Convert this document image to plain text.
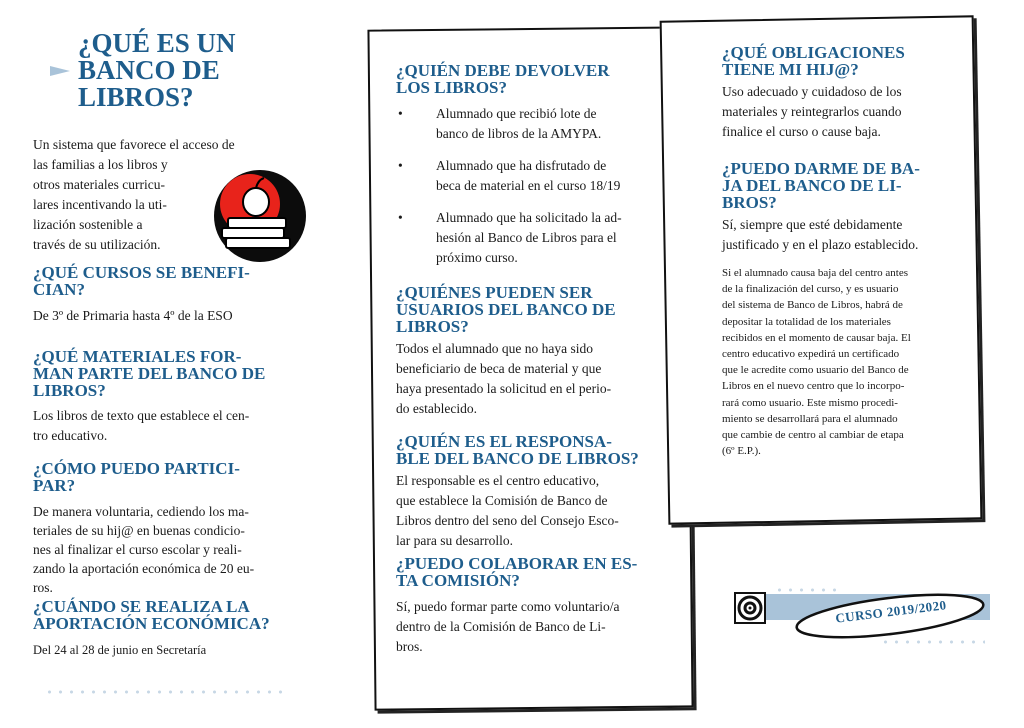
¿QUÉ ES UN
BANCO DE
LIBROS?

Un sistema que favorece el acceso de

las familias a los libros y

otros materiales curricu-

lares incentivando la uti-

lización sostenible a

través de su utilización.

¿QUÉ CURSOS SE BENEFI-
CIAN?

De 3º de Primaria hasta 4º de la ESO

¿QUÉ MATERIALES FOR-
MAN PARTE DEL BANCO DE
LIBROS?

Los libros de texto que establece el cen-

tro educativo.

¿CÓMO PUEDO PARTICI-
PAR?

De manera voluntaria, cediendo los ma-

teriales de su hij@ en buenas condicio-

nes al finalizar el curso escolar y reali-

zando la aportación económica de 20 eu-

ros.

¿CUÁNDO SE REALIZA LA
APORTACIÓN ECONÓMICA?

Del 24 al 28 de junio en Secretaría

¿QUIÉN DEBE DEVOLVER
LOS LIBROS?
• Alumnado que recibió lote de
banco de libros de la AMYPA.
• Alumnado que ha disfrutado de
beca de material en el curso 18/19
• Alumnado que ha solicitado la ad-
hesión al Banco de Libros para el
próximo curso.
¿QUIÉNES PUEDEN SER
USUARIOS DEL BANCO DE
LIBROS?

Todos el alumnado que no haya sido

beneficiario de beca de material y que

haya presentado la solicitud en el perio-

do establecido.

¿QUIÉN ES EL RESPONSA-
BLE DEL BANCO DE LIBROS?

El responsable es el centro educativo,

que establece la Comisión de Banco de

Libros dentro del seno del Consejo Esco-

lar para su desarrollo.

¿PUEDO COLABORAR EN ES-
TA COMISIÓN?

Sí, puedo formar parte como voluntario/a

dentro de la Comisión de Banco de Li-

bros.

¿QUÉ OBLIGACIONES
TIENE MI HIJ@?

Uso adecuado y cuidadoso de los

materiales y reintegrarlos cuando

finalice el curso o cause baja.

¿PUEDO DARME DE BA-
JA DEL BANCO DE LI-
BROS?

Sí, siempre que esté debidamente

justificado y en el plazo establecido.

Si el alumnado causa baja del centro antes

de la finalización del curso, y es usuario

del sistema de Banco de Libros, habrá de

depositar la totalidad de los materiales

recibidos en el momento de causar baja. El

centro educativo expedirá un certificado

que le acredite como usuario del Banco de

Libros en el nuevo centro que lo incorpo-

rará como usuario. Este mismo procedi-

miento se desarrollará para el alumnado

que cambie de centro al cambiar de etapa

(6º E.P.).

CURSO 2019/2020
